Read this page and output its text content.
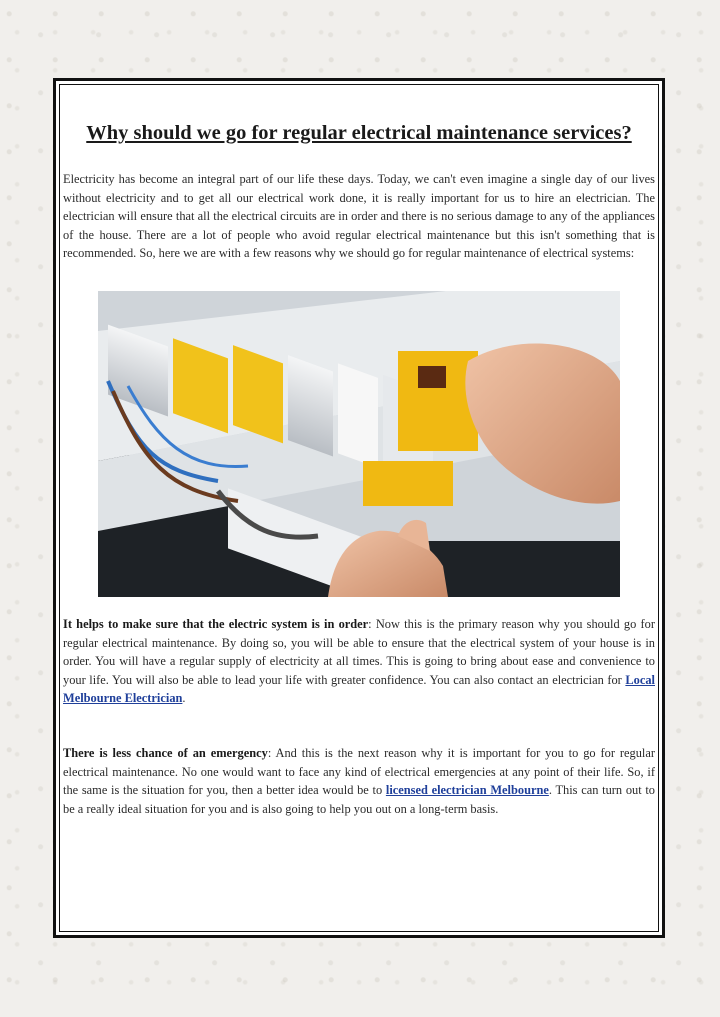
Why should we go for regular electrical maintenance services?

Electricity has become an integral part of our life these days. Today, we can't even imagine a single day of our lives without electricity and to get all our electrical work done, it is really important for us to hire an electrician. The electrician will ensure that all the electrical circuits are in order and there is no serious damage to any of the appliances of the house. There are a lot of people who avoid regular electrical maintenance but this isn't something that is recommended. So, here we are with a few reasons why we should go for regular maintenance of electrical systems:

It helps to make sure that the electric system is in order: Now this is the primary reason why you should go for regular electrical maintenance. By doing so, you will be able to ensure that the electrical system of your house is in order. You will have a regular supply of electricity at all times. This is going to bring about ease and convenience to your life. You will also be able to lead your life with greater confidence. You can also contact an electrician for Local Melbourne Electrician.

There is less chance of an emergency: And this is the next reason why it is important for you to go for regular electrical maintenance. No one would want to face any kind of electrical emergencies at any point of their life. So, if the same is the situation for you, then a better idea would be to licensed electrician Melbourne. This can turn out to be a really ideal situation for you and is also going to help you out on a long-term basis.
